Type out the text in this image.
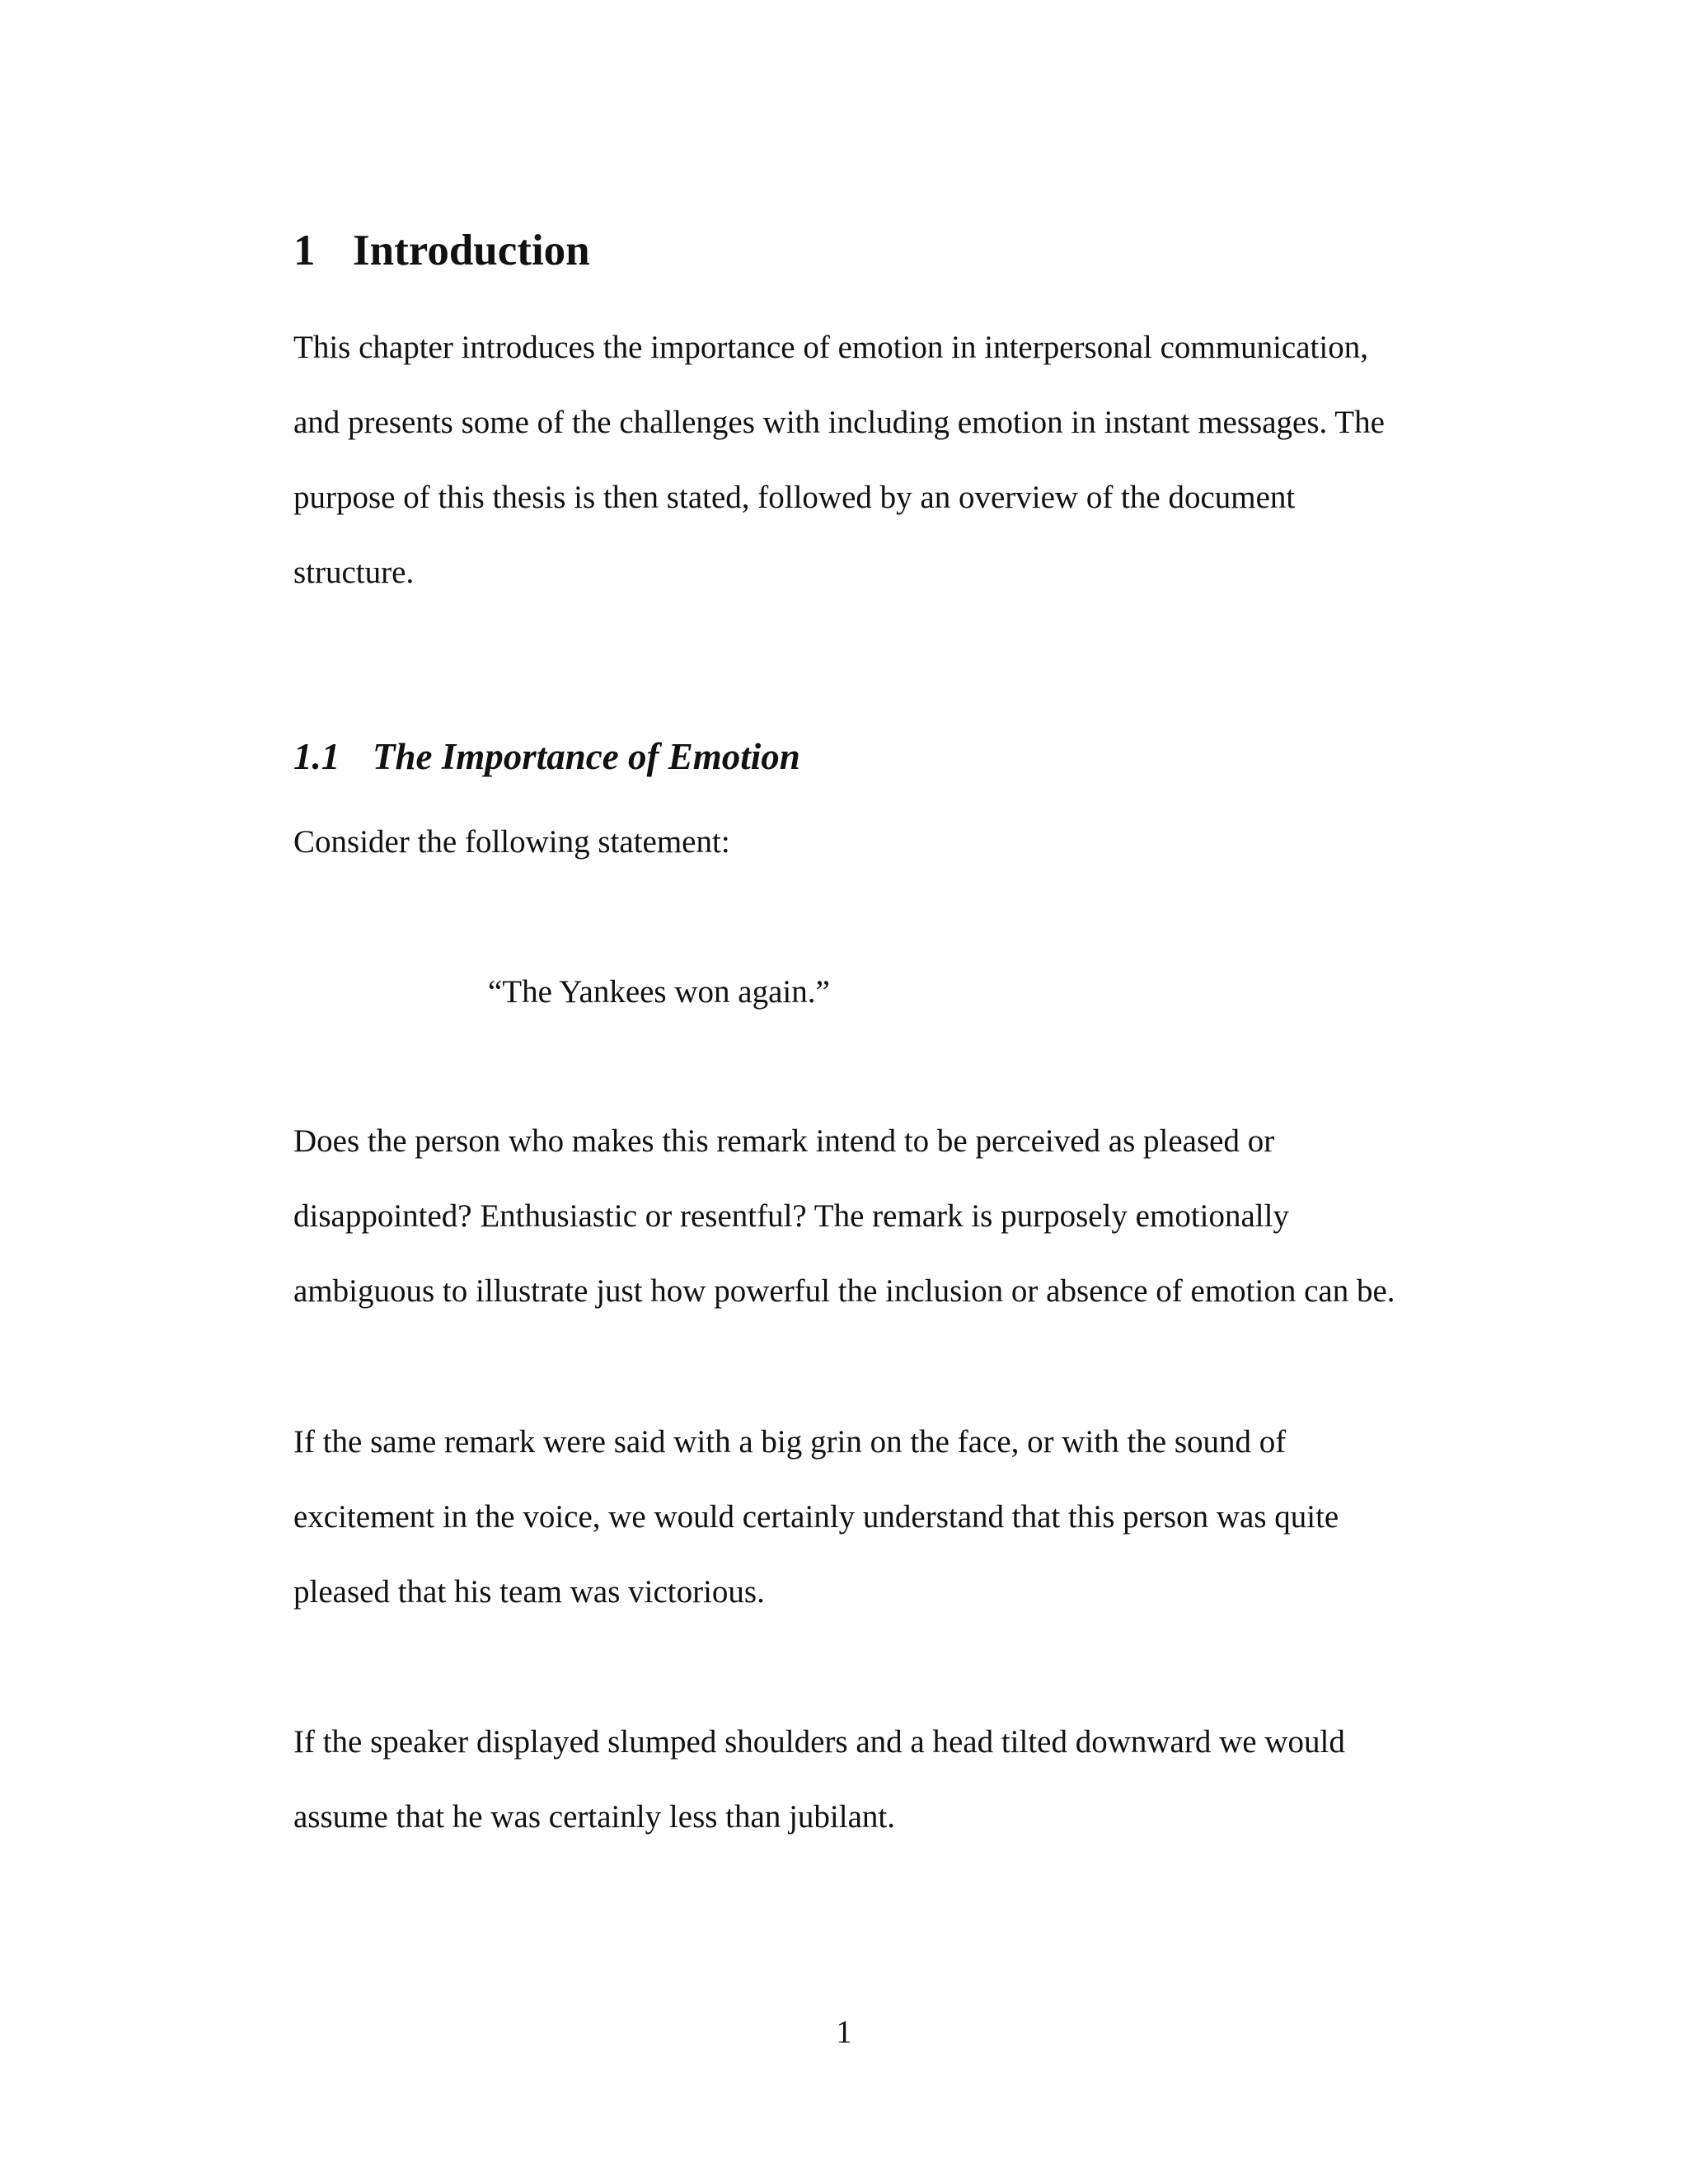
1 Introduction

This chapter introduces the importance of emotion in interpersonal communication,

and presents some of the challenges with including emotion in instant messages. The

purpose of this thesis is then stated, followed by an overview of the document

structure.

1.1 The Importance of Emotion

Consider the following statement:

“The Yankees won again.”

Does the person who makes this remark intend to be perceived as pleased or

disappointed? Enthusiastic or resentful? The remark is purposely emotionally

ambiguous to illustrate just how powerful the inclusion or absence of emotion can be.

If the same remark were said with a big grin on the face, or with the sound of

excitement in the voice, we would certainly understand that this person was quite

pleased that his team was victorious.

If the speaker displayed slumped shoulders and a head tilted downward we would

assume that he was certainly less than jubilant.

1
